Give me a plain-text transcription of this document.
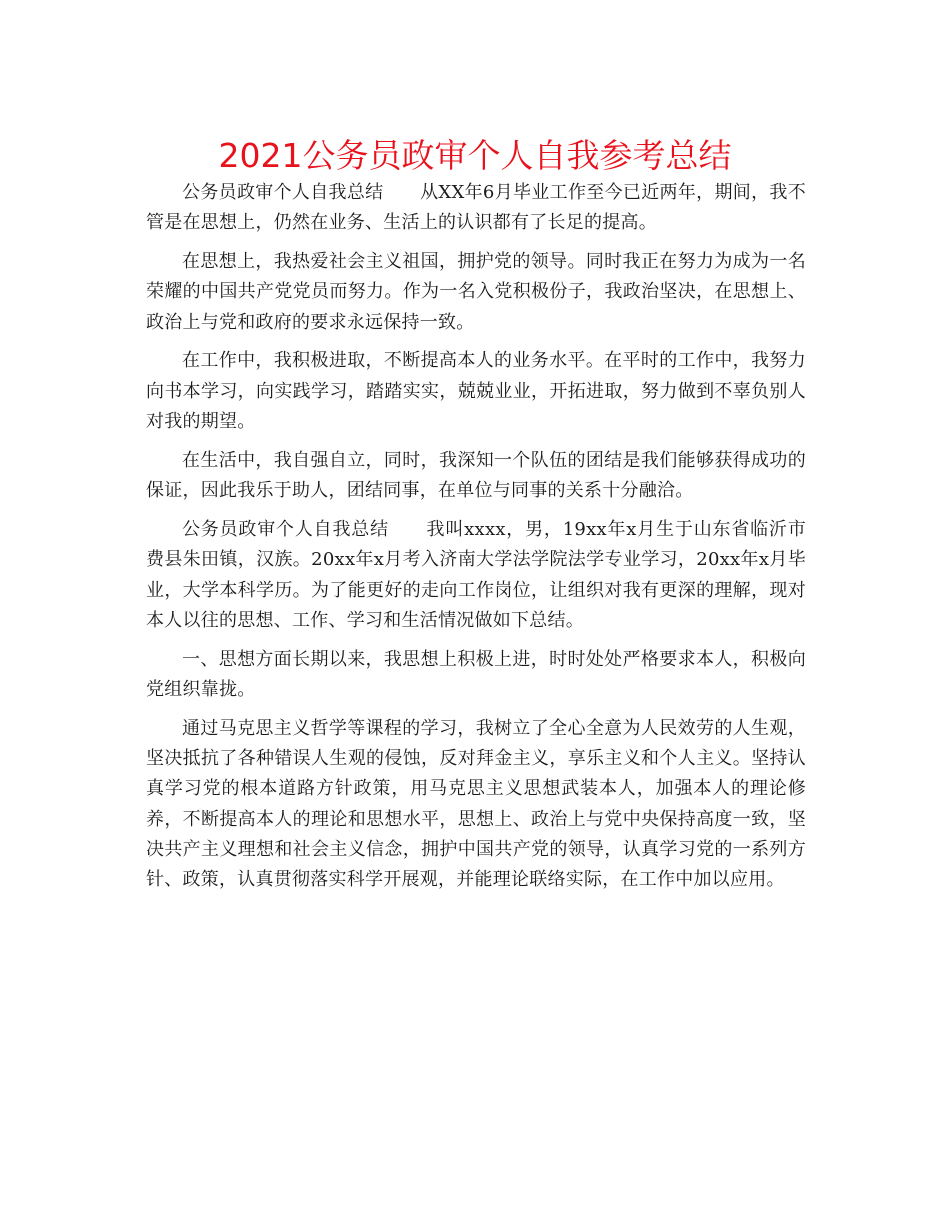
2021公务员政审个人自我参考总结

公务员政审个人自我总结　　从XX年6月毕业工作至今已近两年，期间，我不管是在思想上，仍然在业务、生活上的认识都有了长足的提高。

在思想上，我热爱社会主义祖国，拥护党的领导。同时我正在努力为成为一名荣耀的中国共产党党员而努力。作为一名入党积极份子，我政治坚决，在思想上、政治上与党和政府的要求永远保持一致。

在工作中，我积极进取，不断提高本人的业务水平。在平时的工作中，我努力向书本学习，向实践学习，踏踏实实，兢兢业业，开拓进取，努力做到不辜负别人对我的期望。

在生活中，我自强自立，同时，我深知一个队伍的团结是我们能够获得成功的保证，因此我乐于助人，团结同事，在单位与同事的关系十分融洽。

公务员政审个人自我总结　　我叫xxxx，男，19xx年x月生于山东省临沂市费县朱田镇，汉族。20xx年x月考入济南大学法学院法学专业学习，20xx年x月毕业，大学本科学历。为了能更好的走向工作岗位，让组织对我有更深的理解，现对本人以往的思想、工作、学习和生活情况做如下总结。

一、思想方面长期以来，我思想上积极上进，时时处处严格要求本人，积极向党组织靠拢。

通过马克思主义哲学等课程的学习，我树立了全心全意为人民效劳的人生观，坚决抵抗了各种错误人生观的侵蚀，反对拜金主义，享乐主义和个人主义。坚持认真学习党的根本道路方针政策，用马克思主义思想武装本人，加强本人的理论修养，不断提高本人的理论和思想水平，思想上、政治上与党中央保持高度一致，坚决共产主义理想和社会主义信念，拥护中国共产党的领导，认真学习党的一系列方针、政策，认真贯彻落实科学开展观，并能理论联络实际，在工作中加以应用。
